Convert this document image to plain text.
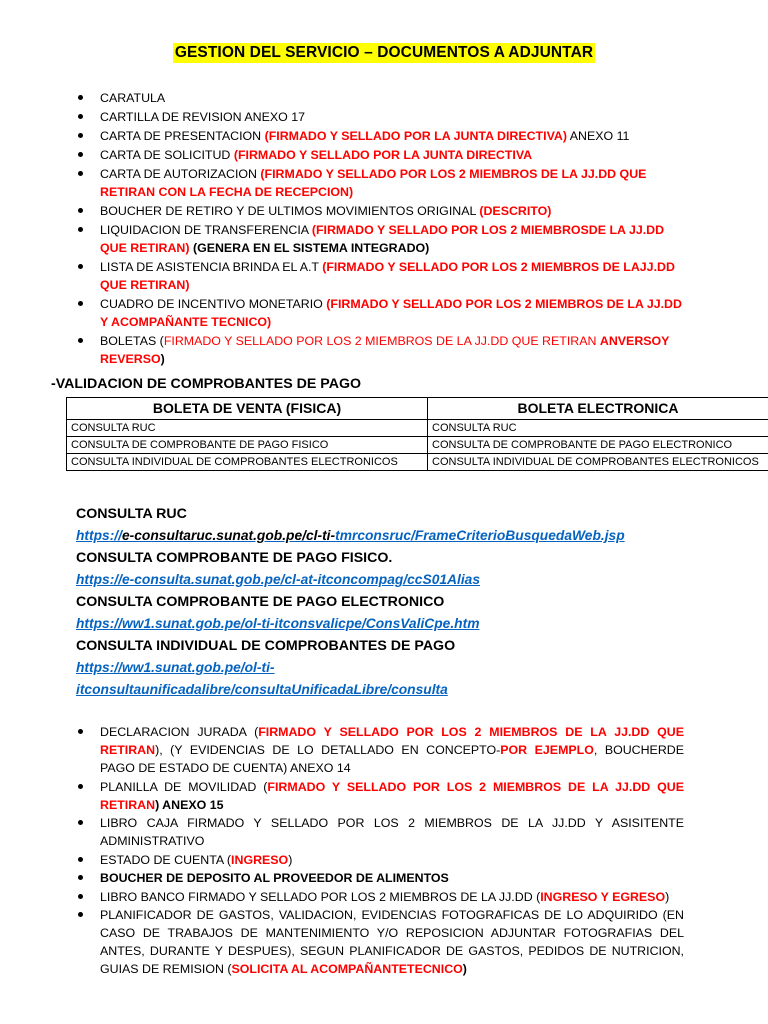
GESTION DEL SERVICIO – DOCUMENTOS A ADJUNTAR
CARATULA
CARTILLA DE REVISION ANEXO 17
CARTA DE PRESENTACION (FIRMADO Y SELLADO POR LA JUNTA DIRECTIVA) ANEXO 11
CARTA DE SOLICITUD (FIRMADO Y SELLADO POR LA JUNTA DIRECTIVA
CARTA DE AUTORIZACION (FIRMADO Y SELLADO POR LOS 2 MIEMBROS DE LA JJ.DD QUE RETIRAN CON LA FECHA DE RECEPCION)
BOUCHER DE RETIRO Y DE ULTIMOS MOVIMIENTOS ORIGINAL (DESCRITO)
LIQUIDACION DE TRANSFERENCIA (FIRMADO Y SELLADO POR LOS 2 MIEMBROSDE LA JJ.DD QUE RETIRAN) (GENERA EN EL SISTEMA INTEGRADO)
LISTA DE ASISTENCIA BRINDA EL A.T (FIRMADO Y SELLADO POR LOS 2 MIEMBROS DE LAJJ.DD QUE RETIRAN)
CUADRO DE INCENTIVO MONETARIO (FIRMADO Y SELLADO POR LOS 2 MIEMBROS DE LA JJ.DD Y ACOMPAÑANTE TECNICO)
BOLETAS (FIRMADO Y SELLADO POR LOS 2 MIEMBROS DE LA JJ.DD QUE RETIRAN ANVERSOY REVERSO)
-VALIDACION DE COMPROBANTES DE PAGO
BOLETA DE VENTA (FISICA)	BOLETA ELECTRONICA
CONSULTA RUC	CONSULTA RUC
CONSULTA DE COMPROBANTE DE PAGO FISICO	CONSULTA DE COMPROBANTE DE PAGO ELECTRONICO
CONSULTA INDIVIDUAL DE COMPROBANTES ELECTRONICOS	CONSULTA INDIVIDUAL DE COMPROBANTES ELECTRONICOS
CONSULTA RUC
https://e-consultaruc.sunat.gob.pe/cl-ti-tmrconsruc/FrameCriterioBusquedaWeb.jsp
CONSULTA COMPROBANTE DE PAGO FISICO.
https://e-consulta.sunat.gob.pe/cl-at-itconcompag/ccS01Alias
CONSULTA COMPROBANTE DE PAGO ELECTRONICO
https://ww1.sunat.gob.pe/ol-ti-itconsvalicpe/ConsValiCpe.htm
CONSULTA INDIVIDUAL DE COMPROBANTES DE PAGO
https://ww1.sunat.gob.pe/ol-ti-
itconsultaunificadalibre/consultaUnificadaLibre/consulta
DECLARACION JURADA (FIRMADO Y SELLADO POR LOS 2 MIEMBROS DE LA JJ.DD QUE RETIRAN), (Y EVIDENCIAS DE LO DETALLADO EN CONCEPTO-POR EJEMPLO, BOUCHERDE PAGO DE ESTADO DE CUENTA) ANEXO 14
PLANILLA DE MOVILIDAD (FIRMADO Y SELLADO POR LOS 2 MIEMBROS DE LA JJ.DD QUE RETIRAN) ANEXO 15
LIBRO CAJA FIRMADO Y SELLADO POR LOS 2 MIEMBROS DE LA JJ.DD Y ASISITENTE ADMINISTRATIVO
ESTADO DE CUENTA (INGRESO)
BOUCHER DE DEPOSITO AL PROVEEDOR DE ALIMENTOS
LIBRO BANCO FIRMADO Y SELLADO POR LOS 2 MIEMBROS DE LA JJ.DD (INGRESO Y EGRESO)
PLANIFICADOR DE GASTOS, VALIDACION, EVIDENCIAS FOTOGRAFICAS DE LO ADQUIRIDO (EN CASO DE TRABAJOS DE MANTENIMIENTO Y/O REPOSICION ADJUNTAR FOTOGRAFIAS DEL ANTES, DURANTE Y DESPUES), SEGUN PLANIFICADOR DE GASTOS, PEDIDOS DE NUTRICION, GUIAS DE REMISION (SOLICITA AL ACOMPAÑANTETECNICO)
